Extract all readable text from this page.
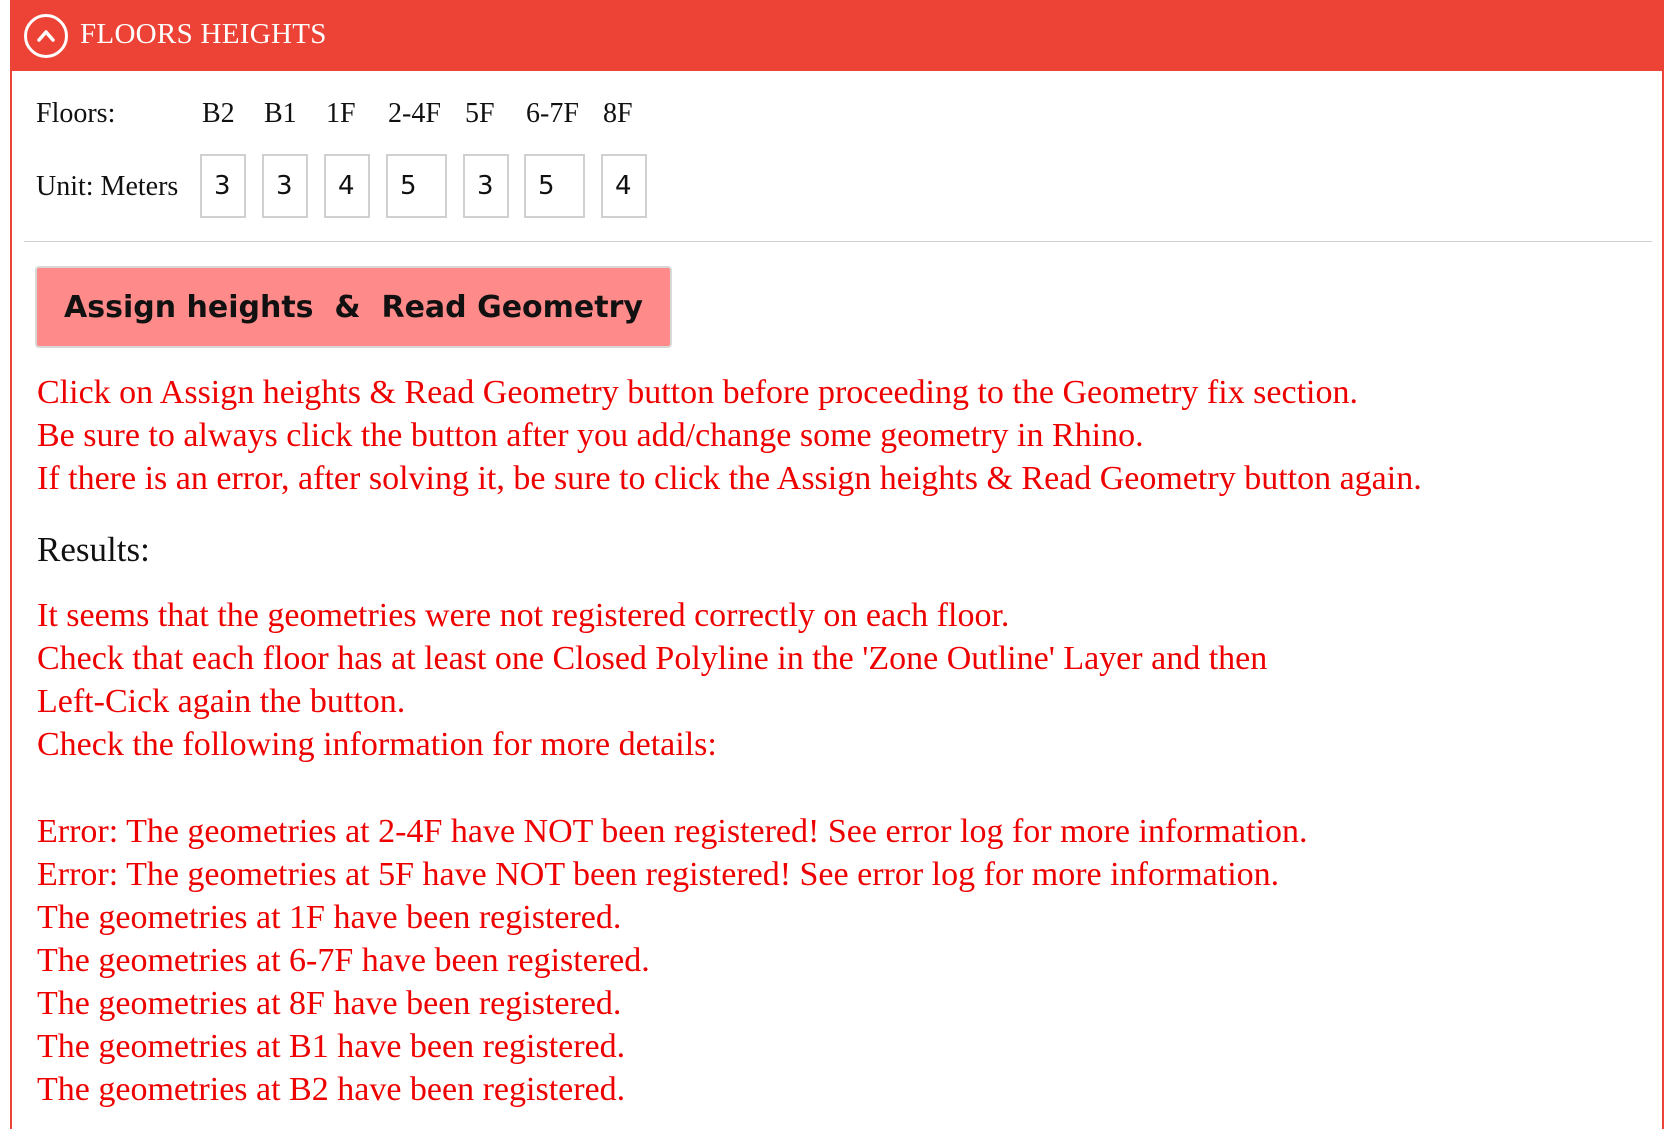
FLOORS HEIGHTS
Floors:	B2 B1 1F 2-4F 5F 6-7F 8F
Unit: Meters
3
3
4
5
3
5
4
Assign heights  &  Read Geometry
Click on Assign heights & Read Geometry button before proceeding to the Geometry fix section.
Be sure to always click the button after you add/change some geometry in Rhino.
If there is an error, after solving it, be sure to click the Assign heights & Read Geometry button again.
Results:
It seems that the geometries were not registered correctly on each floor.
Check that each floor has at least one Closed Polyline in the 'Zone Outline' Layer and then
Left-Cick again the button.
Check the following information for more details:
Error: The geometries at 2-4F have NOT been registered! See error log for more information.
Error: The geometries at 5F have NOT been registered! See error log for more information.
The geometries at 1F have been registered.
The geometries at 6-7F have been registered.
The geometries at 8F have been registered.
The geometries at B1 have been registered.
The geometries at B2 have been registered.
